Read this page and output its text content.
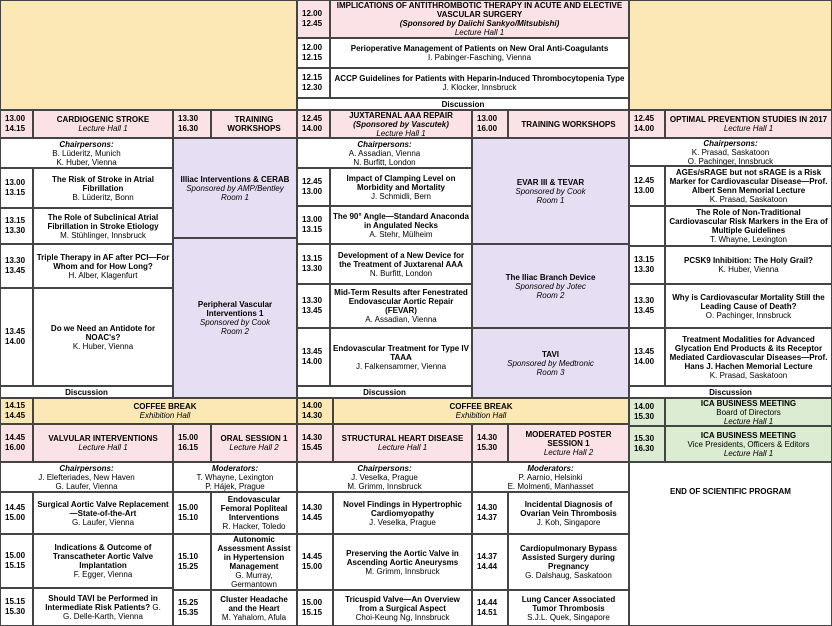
12.00
12.45
IMPLICATIONS OF ANTITHROMBOTIC THERAPY IN ACUTE AND ELECTIVE VASCULAR SURGERY
(Sponsored by Daiichi Sankyo/Mitsubishi)
Lecture Hall 1
12.00
12.15
Perioperative Management of Patients on New Oral Anti-Coagulants
I. Pabinger-Fasching, Vienna
12.15
12.30
ACCP Guidelines for Patients with Heparin-Induced Thrombocytopenia Type
J. Klocker, Innsbruck
Discussion
13.00
14.15
CARDIOGENIC STROKE
Lecture Hall 1
Chairpersons:
B. Lüderitz, Munich
K. Huber, Vienna
13.00
13.15
The Risk of Stroke in Atrial Fibrillation
B. Lüderitz, Bonn
13.15
13.30
The Role of Subclinical Atrial Fibrillation in Stroke Etiology
M. Stühlinger, Innsbruck
13.30
13.45
Triple Therapy in AF after PCI—For Whom and for How Long?
H. Alber, Klagenfurt
13.45
14.00
Do we Need an Antidote for NOAC's?
K. Huber, Vienna
Discussion
13.30
16.30
TRAINING WORKSHOPS
Illiac Interventions & CERAB
Sponsored by AMP/Bentley
Room 1
Peripheral Vascular Interventions 1
Sponsored by Cook
Room 2
12.45
14.00
JUXTARENAL AAA REPAIR
(Sponsored by Vascutek)
Lecture Hall 1
Chairpersons:
A. Assadian, Vienna
N. Burfitt, London
12.45
13.00
Impact of Clamping Level on Morbidity and Mortality
J. Schmidli, Bern
13.00
13.15
The 90° Angle—Standard Anaconda in Angulated Necks
A. Stehr, Mülheim
13.15
13.30
Development of a New Device for the Treatment of Juxtarenal AAA
N. Burfitt, London
13.30
13.45
Mid-Term Results after Fenestrated Endovascular Aortic Repair (FEVAR)
A. Assadian, Vienna
13.45
14.00
Endovascular Treatment for Type IV TAAA
J. Falkensammer, Vienna
Discussion
13.00
16.00	TRAINING WORKSHOPS
EVAR III & TEVAR
Sponsored by Cook
Room 1
The Iliac Branch Device
Sponsored by Jotec
Room 2
TAVI
Sponsored by Medtronic
Room 3
12.45
14.00
OPTIMAL PREVENTION STUDIES IN 2017
Lecture Hall 1
Chairpersons:
K. Prasad, Saskatoon
O. Pachinger, Innsbruck
12.45
13.00
AGEs/sRAGE but not sRAGE is a Risk Marker for Cardiovascular Disease—Prof. Albert Senn Memorial Lecture
K. Prasad, Saskatoon
The Role of Non-Traditional Cardiovascular Risk Markers in the Era of Multiple Guidelines
T. Whayne, Lexington
13.15
13.30
PCSK9 Inhibition: The Holy Grail?
K. Huber, Vienna
13.30
13.45
Why is Cardiovascular Mortality Still the Leading Cause of Death?
O. Pachinger, Innsbruck
13.45
14.00
Treatment Modalities for Advanced Glycation End Products & its Receptor Mediated Cardiovascular Diseases—Prof. Hans J. Hachen Memorial Lecture
K. Prasad, Saskatoon
Discussion
14.15
14.45
COFFEE BREAK
Exhibition Hall
14.00
14.30
COFFEE BREAK
Exhibition Hall
14.00
15.30
ICA BUSINESS MEETING
Board of Directors
Lecture Hall 1
15.30
16.30
ICA BUSINESS MEETING
Vice Presidents, Officers & Editors
Lecture Hall 1
END OF SCIENTIFIC PROGRAM
14.45
16.00
VALVULAR INTERVENTIONS
Lecture Hall 1
Chairpersons:
J. Elefteriades, New Haven
G. Laufer, Vienna
14.45
15.00
Surgical Aortic Valve Replacement—State-of-the-Art
G. Laufer, Vienna
15.00
15.15
Indications & Outcome of Transcatheter Aortic Valve Implantation
F. Egger, Vienna
15.15
15.30
Should TAVI be Performed in Intermediate Risk Patients? G.
G. Delle-Karth, Vienna
15.00
16.15
ORAL SESSION 1
Lecture Hall 2
Moderators:
T. Whayne, Lexington
P. Hájek, Prague
15.00
15.10
Endovascular Femoral Popliteal Interventions
R. Hacker, Toledo
15.10
15.25
Autonomic Assessment Assist in Hypertension Management
G. Murray, Germantown
15.25
15.35
Cluster Headache and the Heart
M. Yahalom, Afula
14.30
15.45
STRUCTURAL HEART DISEASE
Lecture Hall 1
Chairpersons:
J. Veselka, Prague
M. Grimm, Innsbruck
14.30
14.45
Novel Findings in Hypertrophic Cardiomyopathy
J. Veselka, Prague
14.45
15.00
Preserving the Aortic Valve in Ascending Aortic Aneurysms
M. Grimm, Innsbruck
15.00
15.15
Tricuspid Valve—An Overview from a Surgical Aspect
Choi-Keung Ng, Innsbruck
14.30
15.30
MODERATED POSTER SESSION 1
Lecture Hall 2
Moderators:
P. Aarnio, Helsinki
E. Molmenti, Manhasset
14.30
14.37
Incidental Diagnosis of Ovarian Vein Thrombosis
J. Koh, Singapore
14.37
14.44
Cardiopulmonary Bypass Assisted Surgery during Pregnancy
G. Dalshaug, Saskatoon
14.44
14.51
Lung Cancer Associated Tumor Thrombosis
S.J.L. Quek, Singapore
